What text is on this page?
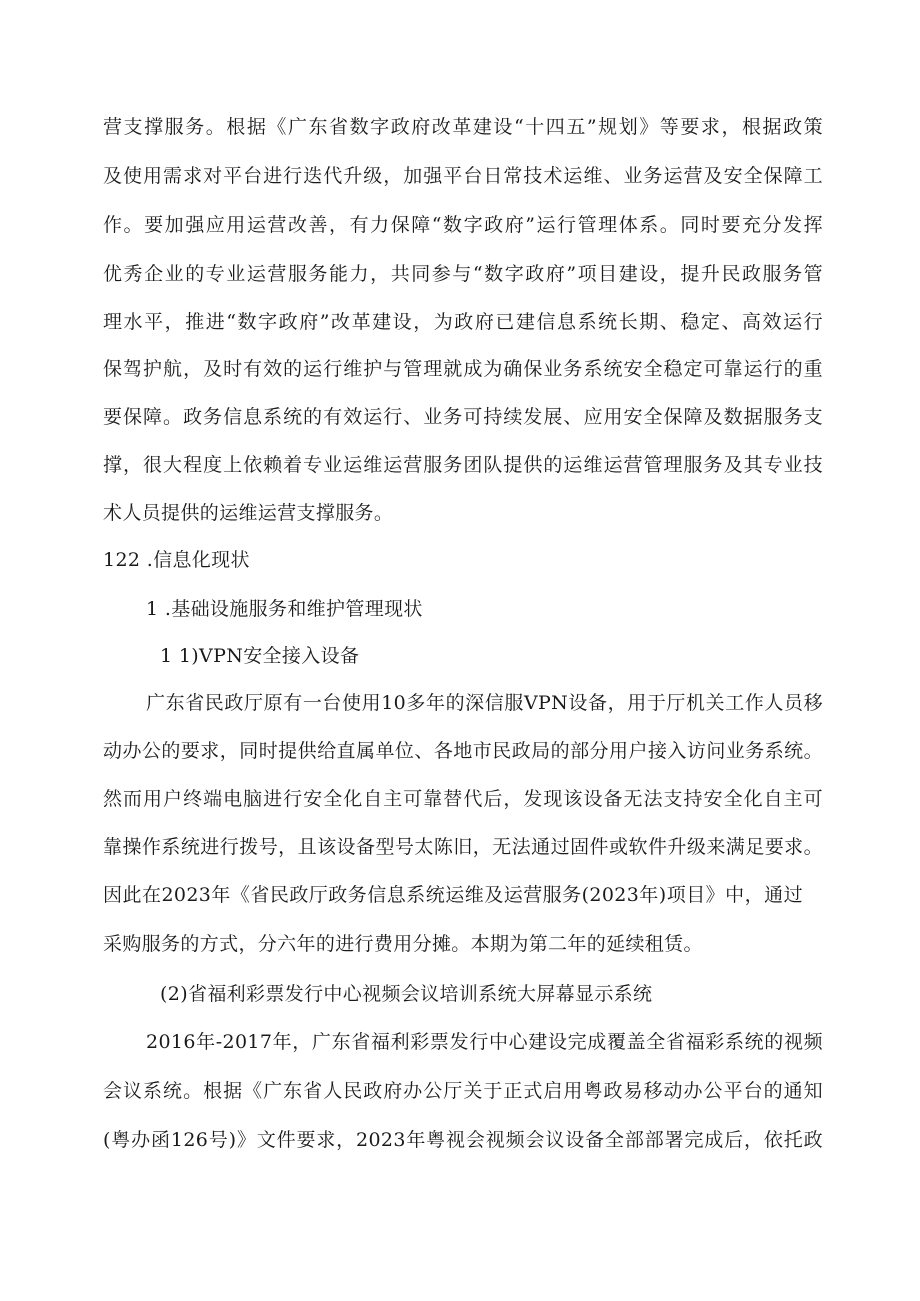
营支撑服务。根据《广东省数字政府改革建设“十四五”规划》等要求，根据政策
及使用需求对平台进行迭代升级，加强平台日常技术运维、业务运营及安全保障工
作。要加强应用运营改善，有力保障“数字政府”运行管理体系。同时要充分发挥
优秀企业的专业运营服务能力，共同参与“数字政府”项目建设，提升民政服务管
理水平，推进“数字政府”改革建设，为政府已建信息系统长期、稳定、高效运行
保驾护航，及时有效的运行维护与管理就成为确保业务系统安全稳定可靠运行的重
要保障。政务信息系统的有效运行、业务可持续发展、应用安全保障及数据服务支
撑，很大程度上依赖着专业运维运营服务团队提供的运维运营管理服务及其专业技
术人员提供的运维运营支撑服务。
122 .信息化现状
1 .基础设施服务和维护管理现状
1 1)VPN安全接入设备
广东省民政厅原有一台使用10多年的深信服VPN设备，用于厅机关工作人员移
动办公的要求，同时提供给直属单位、各地市民政局的部分用户接入访问业务系统。
然而用户终端电脑进行安全化自主可靠替代后，发现该设备无法支持安全化自主可
靠操作系统进行拨号，且该设备型号太陈旧，无法通过固件或软件升级来满足要求。
因此在2023年《省民政厅政务信息系统运维及运营服务(2023年)项目》中，通过
采购服务的方式，分六年的进行费用分摊。本期为第二年的延续租赁。
(2)省福利彩票发行中心视频会议培训系统大屏幕显示系统
2016年-2017年，广东省福利彩票发行中心建设完成覆盖全省福彩系统的视频
会议系统。根据《广东省人民政府办公厅关于正式启用粤政易移动办公平台的通知
(粤办函126号)》文件要求，2023年粤视会视频会议设备全部部署完成后，依托政
